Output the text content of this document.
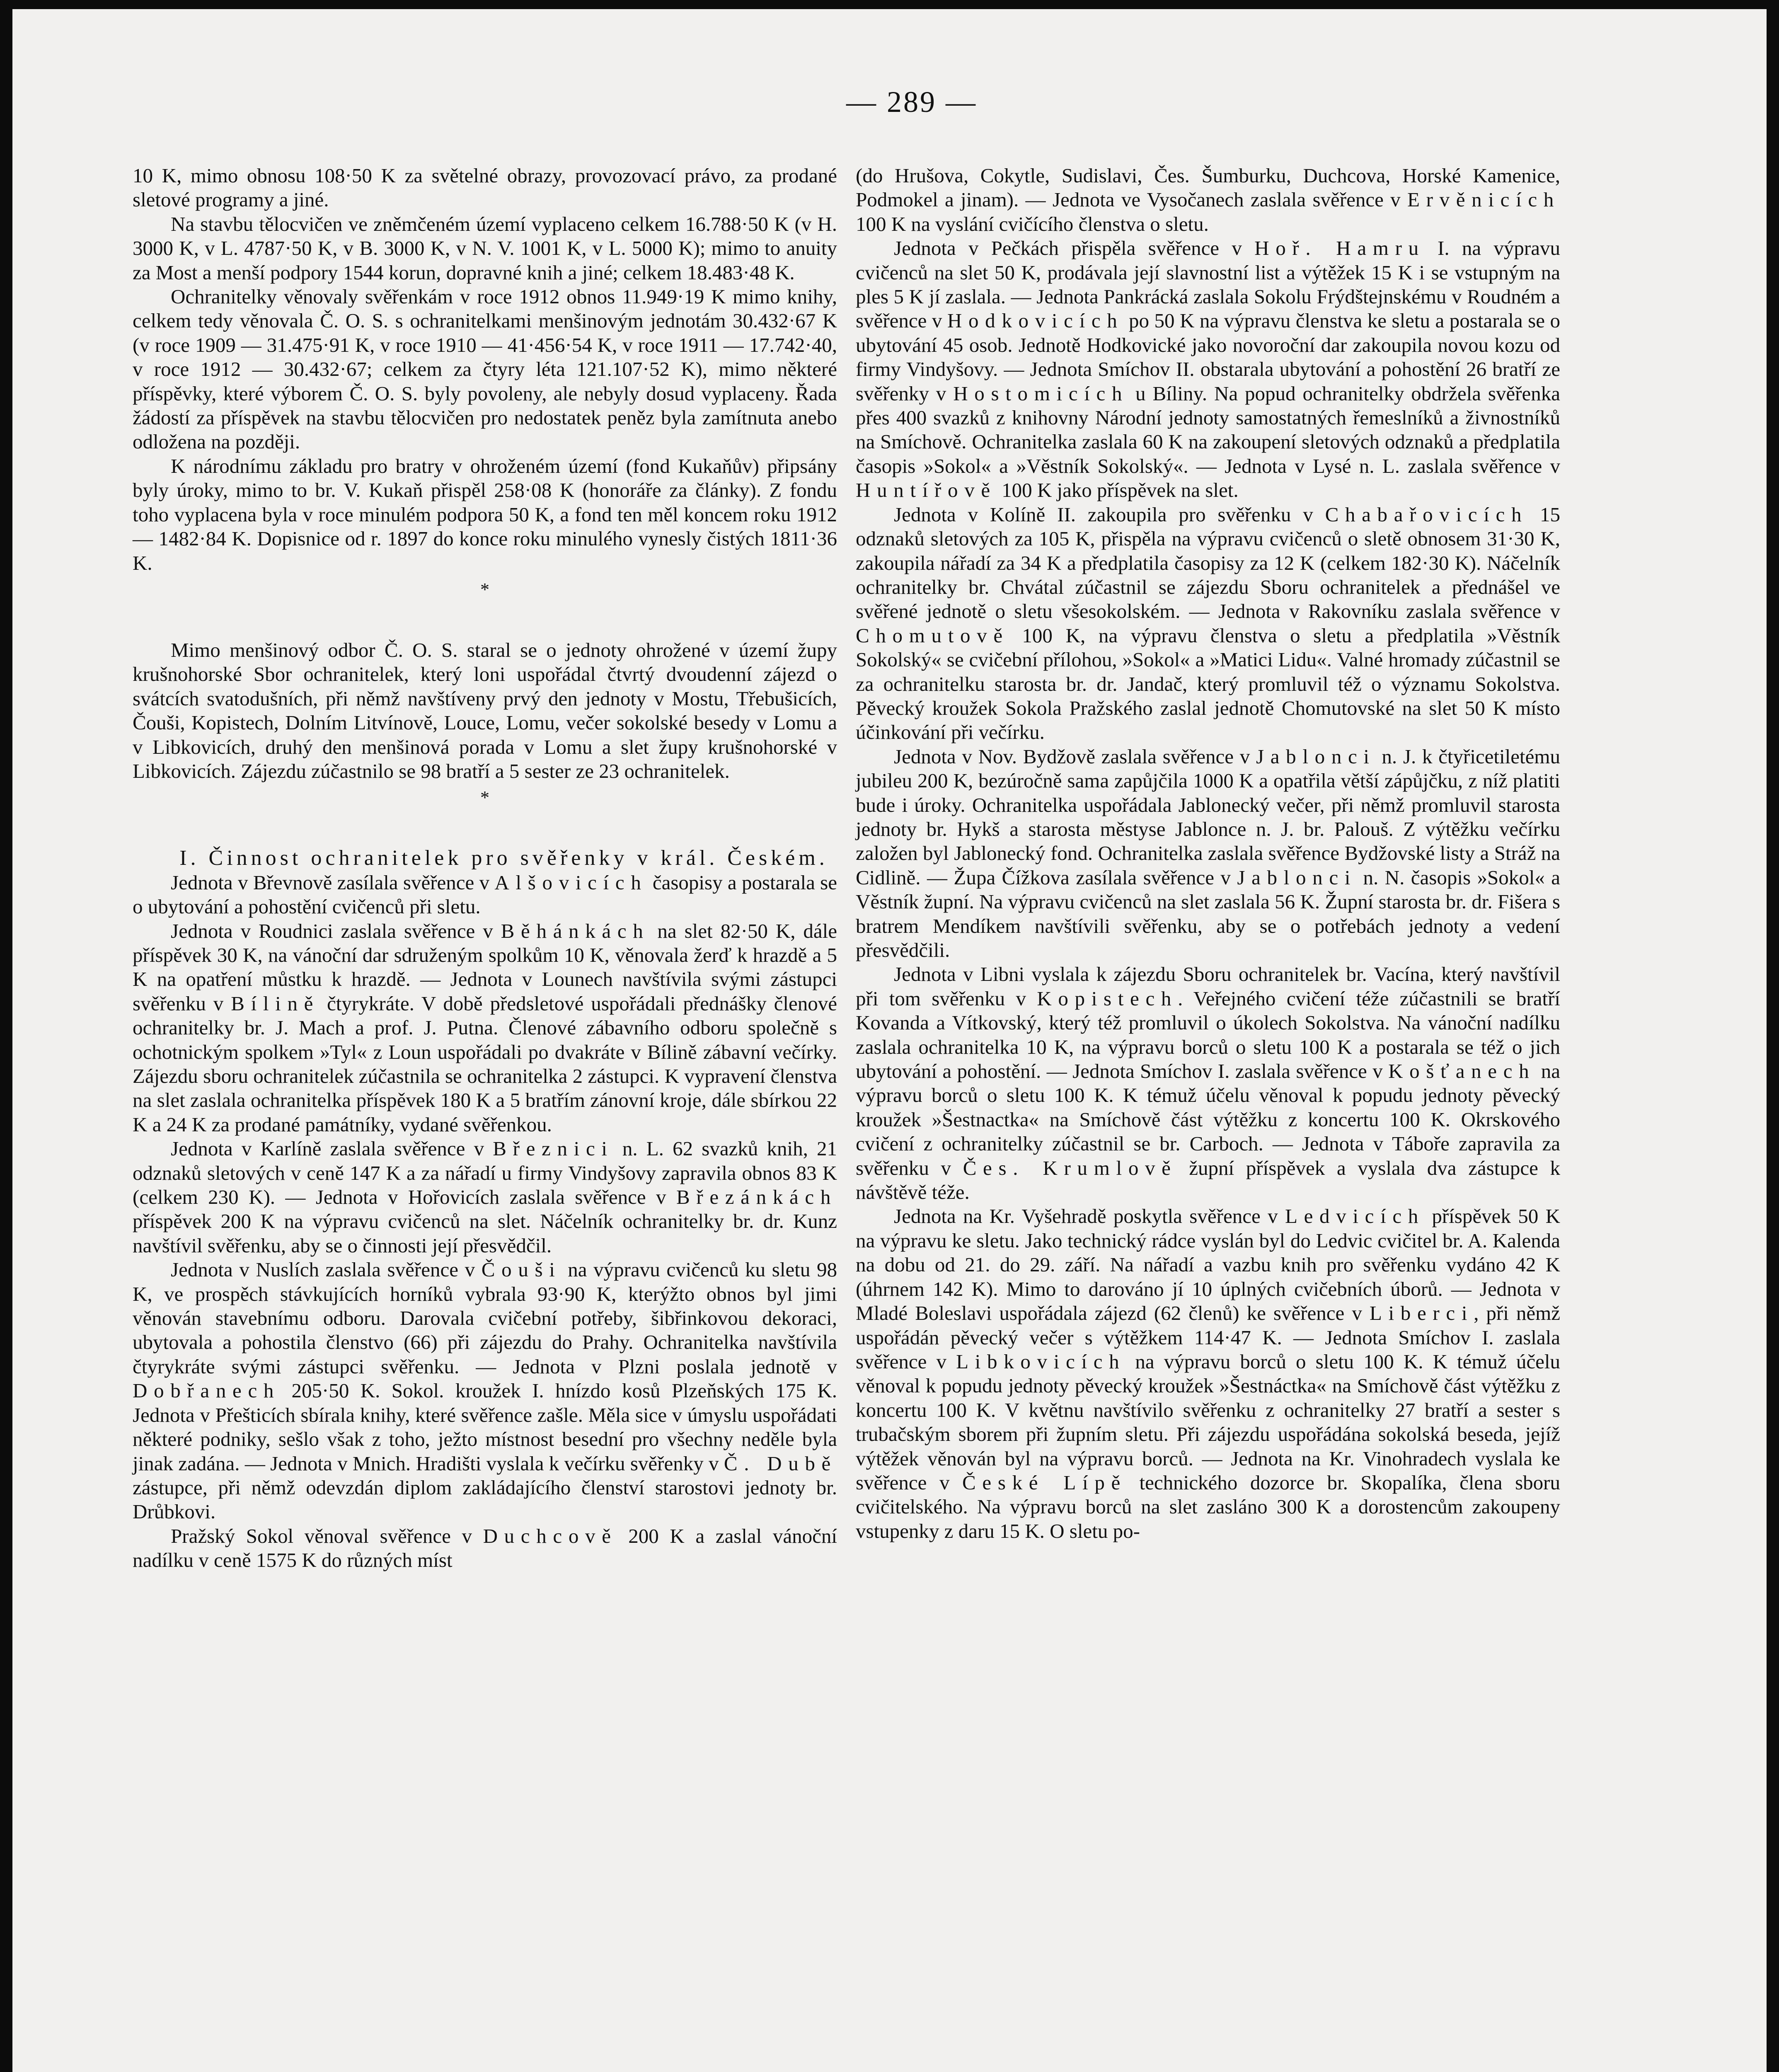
— 289 —

10 K, mimo obnosu 108·50 K za světelné obrazy, provozovací právo, za prodané sletové programy a jiné.

Na stavbu tělocvičen ve zněmčeném území vyplaceno celkem 16.788·50 K (v H. 3000 K, v L. 4787·50 K, v B. 3000 K, v N. V. 1001 K, v L. 5000 K); mimo to anuity za Most a menší podpory 1544 korun, dopravné knih a jiné; celkem 18.483·48 K.

Ochranitelky věnovaly svěřenkám v roce 1912 obnos 11.949·19 K mimo knihy, celkem tedy věnovala Č. O. S. s ochranitelkami menšinovým jednotám 30.432·67 K (v roce 1909 — 31.475·91 K, v roce 1910 — 41·456·54 K, v roce 1911 — 17.742·40, v roce 1912 — 30.432·67; celkem za čtyry léta 121.107·52 K), mimo některé příspěvky, které výborem Č. O. S. byly povoleny, ale nebyly dosud vyplaceny. Řada žádostí za příspěvek na stavbu tělocvičen pro nedostatek peněz byla zamítnuta anebo odložena na později.

K národnímu základu pro bratry v ohroženém území (fond Kukaňův) připsány byly úroky, mimo to br. V. Kukaň přispěl 258·08 K (honoráře za články). Z fondu toho vyplacena byla v roce minulém podpora 50 K, a fond ten měl koncem roku 1912 — 1482·84 K. Dopisnice od r. 1897 do konce roku minulého vynesly čistých 1811·36 K.

*

Mimo menšinový odbor Č. O. S. staral se o jednoty ohrožené v území župy krušnohorské Sbor ochranitelek, který loni uspořádal čtvrtý dvoudenní zájezd o svátcích svatodušních, při němž navštíveny prvý den jednoty v Mostu, Třebušicích, Čouši, Kopistech, Dolním Litvínově, Louce, Lomu, večer sokolské besedy v Lomu a v Libkovicích, druhý den menšinová porada v Lomu a slet župy krušnohorské v Libkovicích. Zájezdu zúčastnilo se 98 bratří a 5 sester ze 23 ochranitelek.

*

I. Činnost ochranitelek pro svěřenky v král. Českém.

Jednota v Břevnově zasílala svěřence v Alšovicích časopisy a postarala se o ubytování a pohostění cvičenců při sletu.

Jednota v Roudnici zaslala svěřence v Běhánkách na slet 82·50 K, dále příspěvek 30 K, na vánoční dar sdruženým spolkům 10 K, věnovala žerď k hrazdě a 5 K na opatření můstku k hrazdě. — Jednota v Lounech navštívila svými zástupci svěřenku v Bílině čtyrykráte. V době předsletové uspořádali přednášky členové ochranitelky br. J. Mach a prof. J. Putna. Členové zábavního odboru společně s ochotnickým spolkem »Tyl« z Loun uspořádali po dvakráte v Bílině zábavní večírky. Zájezdu sboru ochranitelek zúčastnila se ochranitelka 2 zástupci. K vypravení členstva na slet zaslala ochranitelka příspěvek 180 K a 5 bratřím zánovní kroje, dále sbírkou 22 K a 24 K za prodané památníky, vydané svěřenkou.

Jednota v Karlíně zaslala svěřence v Březnici n. L. 62 svazků knih, 21 odznaků sletových v ceně 147 K a za nářadí u firmy Vindyšovy zapravila obnos 83 K (celkem 230 K). — Jednota v Hořovicích zaslala svěřence v Březánkách příspěvek 200 K na výpravu cvičenců na slet. Náčelník ochranitelky br. dr. Kunz navštívil svěřenku, aby se o činnosti její přesvědčil.

Jednota v Nuslích zaslala svěřence v Čouši na výpravu cvičenců ku sletu 98 K, ve prospěch stávkujících horníků vybrala 93·90 K, kterýžto obnos byl jimi věnován stavebnímu odboru. Darovala cvičební potřeby, šibřinkovou dekoraci, ubytovala a pohostila členstvo (66) při zájezdu do Prahy. Ochranitelka navštívila čtyrykráte svými zástupci svěřenku. — Jednota v Plzni poslala jednotě v Dobřanech 205·50 K. Sokol. kroužek I. hnízdo kosů Plzeňských 175 K. Jednota v Přešticích sbírala knihy, které svěřence zašle. Měla sice v úmyslu uspořádati některé podniky, sešlo však z toho, ježto místnost besední pro všechny neděle byla jinak zadána. — Jednota v Mnich. Hradišti vyslala k večírku svěřenky v Č. Dubě zástupce, při němž odevzdán diplom zakládajícího členství starostovi jednoty br. Drůbkovi.

Pražský Sokol věnoval svěřence v Duchcově 200 K a zaslal vánoční nadílku v ceně 1575 K do různých míst

(do Hrušova, Cokytle, Sudislavi, Čes. Šumburku, Duchcova, Horské Kamenice, Podmokel a jinam). — Jednota ve Vysočanech zaslala svěřence v Ervěnicích 100 K na vyslání cvičícího členstva o sletu.

Jednota v Pečkách přispěla svěřence v Hoř. Hamru I. na výpravu cvičenců na slet 50 K, prodávala její slavnostní list a výtěžek 15 K i se vstupným na ples 5 K jí zaslala. — Jednota Pankrácká zaslala Sokolu Frýdštejnskému v Roudném a svěřence v Hodkovicích po 50 K na výpravu členstva ke sletu a postarala se o ubytování 45 osob. Jednotě Hodkovické jako novoroční dar zakoupila novou kozu od firmy Vindyšovy. — Jednota Smíchov II. obstarala ubytování a pohostění 26 bratří ze svěřenky v Hostomicích u Bíliny. Na popud ochranitelky obdržela svěřenka přes 400 svazků z knihovny Národní jednoty samostatných řemeslníků a živnostníků na Smíchově. Ochranitelka zaslala 60 K na zakoupení sletových odznaků a předplatila časopis »Sokol« a »Věstník Sokolský«. — Jednota v Lysé n. L. zaslala svěřence v Huntířově 100 K jako příspěvek na slet.

Jednota v Kolíně II. zakoupila pro svěřenku v Chabařovicích 15 odznaků sletových za 105 K, přispěla na výpravu cvičenců o sletě obnosem 31·30 K, zakoupila nářadí za 34 K a předplatila časopisy za 12 K (celkem 182·30 K). Náčelník ochranitelky br. Chvátal zúčastnil se zájezdu Sboru ochranitelek a přednášel ve svěřené jednotě o sletu všesokolském. — Jednota v Rakovníku zaslala svěřence v Chomutově 100 K, na výpravu členstva o sletu a předplatila »Věstník Sokolský« se cvičební přílohou, »Sokol« a »Matici Lidu«. Valné hromady zúčastnil se za ochranitelku starosta br. dr. Jandač, který promluvil též o významu Sokolstva. Pěvecký kroužek Sokola Pražského zaslal jednotě Chomutovské na slet 50 K místo účinkování při večírku.

Jednota v Nov. Bydžově zaslala svěřence v Jablonci n. J. k čtyřicetiletému jubileu 200 K, bezúročně sama zapůjčila 1000 K a opatřila větší zápůjčku, z níž platiti bude i úroky. Ochranitelka uspořádala Jablonecký večer, při němž promluvil starosta jednoty br. Hykš a starosta městyse Jablonce n. J. br. Palouš. Z výtěžku večírku založen byl Jablonecký fond. Ochranitelka zaslala svěřence Bydžovské listy a Stráž na Cidlině. — Župa Čížkova zasílala svěřence v Jablonci n. N. časopis »Sokol« a Věstník župní. Na výpravu cvičenců na slet zaslala 56 K. Župní starosta br. dr. Fišera s bratrem Mendíkem navštívili svěřenku, aby se o potřebách jednoty a vedení přesvědčili.

Jednota v Libni vyslala k zájezdu Sboru ochranitelek br. Vacína, který navštívil při tom svěřenku v Kopistech. Veřejného cvičení téže zúčastnili se bratří Kovanda a Vítkovský, který též promluvil o úkolech Sokolstva. Na vánoční nadílku zaslala ochranitelka 10 K, na výpravu borců o sletu 100 K a postarala se též o jich ubytování a pohostění. — Jednota Smíchov I. zaslala svěřence v Košťanech na výpravu borců o sletu 100 K. K témuž účelu věnoval k popudu jednoty pěvecký kroužek »Šestnactka« na Smíchově část výtěžku z koncertu 100 K. Okrskového cvičení z ochranitelky zúčastnil se br. Carboch. — Jednota v Táboře zapravila za svěřenku v Čes. Krumlově župní příspěvek a vyslala dva zástupce k návštěvě téže.

Jednota na Kr. Vyšehradě poskytla svěřence v Ledvicích příspěvek 50 K na výpravu ke sletu. Jako technický rádce vyslán byl do Ledvic cvičitel br. A. Kalenda na dobu od 21. do 29. září. Na nářadí a vazbu knih pro svěřenku vydáno 42 K (úhrnem 142 K). Mimo to darováno jí 10 úplných cvičebních úborů. — Jednota v Mladé Boleslavi uspořádala zájezd (62 členů) ke svěřence v Liberci, při němž uspořádán pěvecký večer s výtěžkem 114·47 K. — Jednota Smíchov I. zaslala svěřence v Libkovicích na výpravu borců o sletu 100 K. K témuž účelu věnoval k popudu jednoty pěvecký kroužek »Šestnáctka« na Smíchově část výtěžku z koncertu 100 K. V květnu navštívilo svěřenku z ochranitelky 27 bratří a sester s trubačským sborem při župním sletu. Při zájezdu uspořádána sokolská beseda, jejíž výtěžek věnován byl na výpravu borců. — Jednota na Kr. Vinohradech vyslala ke svěřence v České Lípě technického dozorce br. Skopalíka, člena sboru cvičitelského. Na výpravu borců na slet zasláno 300 K a dorostencům zakoupeny vstupenky z daru 15 K. O sletu po-
